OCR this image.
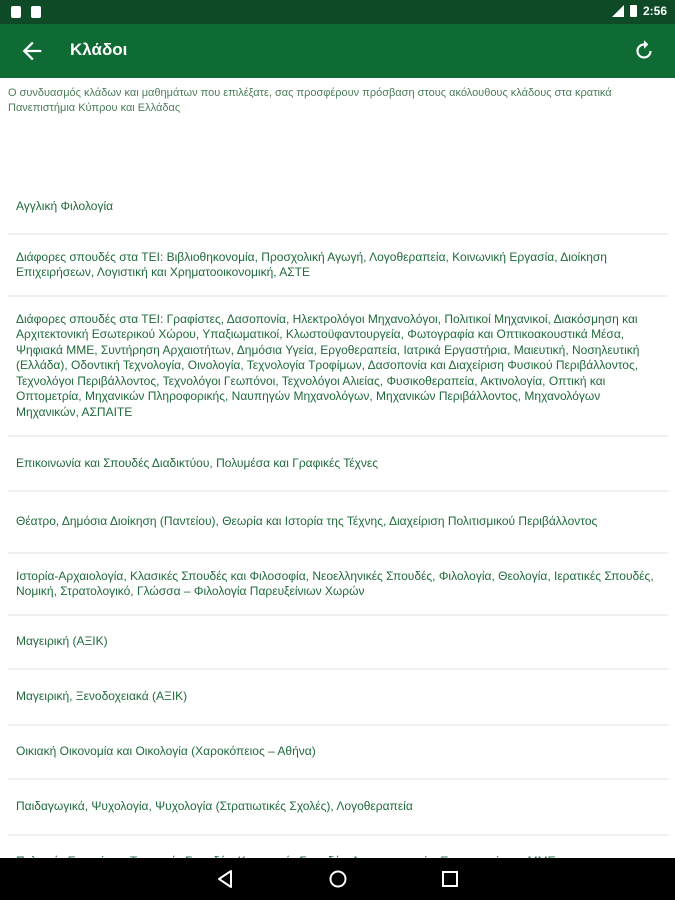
2:56
Κλάδοι
Ο συνδυασμός κλάδων και μαθημάτων που επιλέξατε, σας προσφέρουν πρόσβαση στους ακόλουθους κλάδους στα κρατικά Πανεπιστήμια Κύπρου και Ελλάδας
Αγγλική Φιλολογία
Διάφορες σπουδές στα ΤΕΙ: Βιβλιοθηκονομία, Προσχολική Αγωγή, Λογοθεραπεία, Κοινωνική Εργασία, Διοίκηση Επιχειρήσεων, Λογιστική και Χρηματοοικονομική, ΑΣΤΕ
Διάφορες σπουδές στα ΤΕΙ: Γραφίστες, Δασοπονία, Ηλεκτρολόγοι Μηχανολόγοι, Πολιτικοί Μηχανικοί, Διακόσμηση και Αρχιτεκτονική Εσωτερικού Χώρου, Υπαξιωματικοί, Κλωστοϋφαντουργεία, Φωτογραφία και Οπτικοακουστικά Μέσα, Ψηφιακά ΜΜΕ, Συντήρηση Αρχαιοτήτων, Δημόσια Υγεία, Εργοθεραπεία, Ιατρικά Εργαστήρια, Μαιευτική, Νοσηλευτική (Ελλάδα), Οδοντική Τεχνολογία, Οινολογία, Τεχνολογία Τροφίμων, Δασοπονία και Διαχείριση Φυσικού Περιβάλλοντος, Τεχνολόγοι Περιβάλλοντος, Τεχνολόγοι Γεωπόνοι, Τεχνολόγοι Αλιείας, Φυσικοθεραπεία, Ακτινολογία, Οπτική και Οπτομετρία, Μηχανικών Πληροφορικής, Ναυπηγών Μηχανολόγων, Μηχανικών Περιβάλλοντος, Μηχανολόγων Μηχανικών, ΑΣΠΑΙΤΕ
Επικοινωνία και Σπουδές Διαδικτύου, Πολυμέσα και Γραφικές Τέχνες
Θέατρο, Δημόσια Διοίκηση (Παντείου), Θεωρία και Ιστορία της Τέχνης, Διαχείριση Πολιτισμικού Περιβάλλοντος
Ιστορία-Αρχαιολογία, Κλασικές Σπουδές και Φιλοσοφία, Νεοελληνικές Σπουδές, Φιλολογία, Θεολογία, Ιερατικές Σπουδές, Νομική, Στρατολογικό, Γλώσσα – Φιλολογία Παρευξείνιων Χωρών
Μαγειρική (ΑΞΙΚ)
Μαγειρική, Ξενοδοχειακά (ΑΞΙΚ)
Οικιακή Οικονομία και Οικολογία (Χαροκόπειος – Αθήνα)
Παιδαγωγικά, Ψυχολογία, Ψυχολογία (Στρατιωτικές Σχολές), Λογοθεραπεία
